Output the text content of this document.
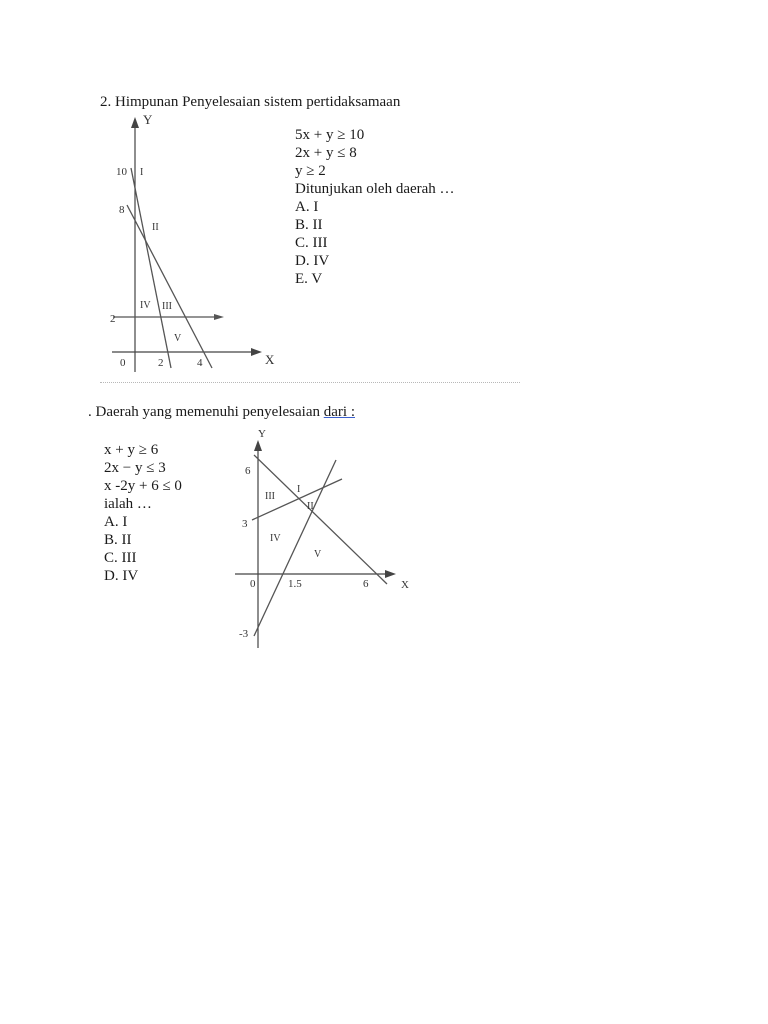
2. Himpunan Penyelesaian sistem pertidaksamaan
5x + y ≥ 10
2x + y ≤ 8
y ≥ 2
Ditunjukan oleh daerah …
A. I
B. II
C. III
D. IV
E. V
Y
X
10
8
2
0	2	4
I
II
III
IV
V
. Daerah yang memenuhi penyelesaian dari :
x + y ≥ 6
2x − y ≤ 3
x -2y + 6 ≤ 0
ialah …
A. I
B. II
C. III
D. IV
Y
X
6
3
-3
0	1.5	6
I
II
III
IV
V
